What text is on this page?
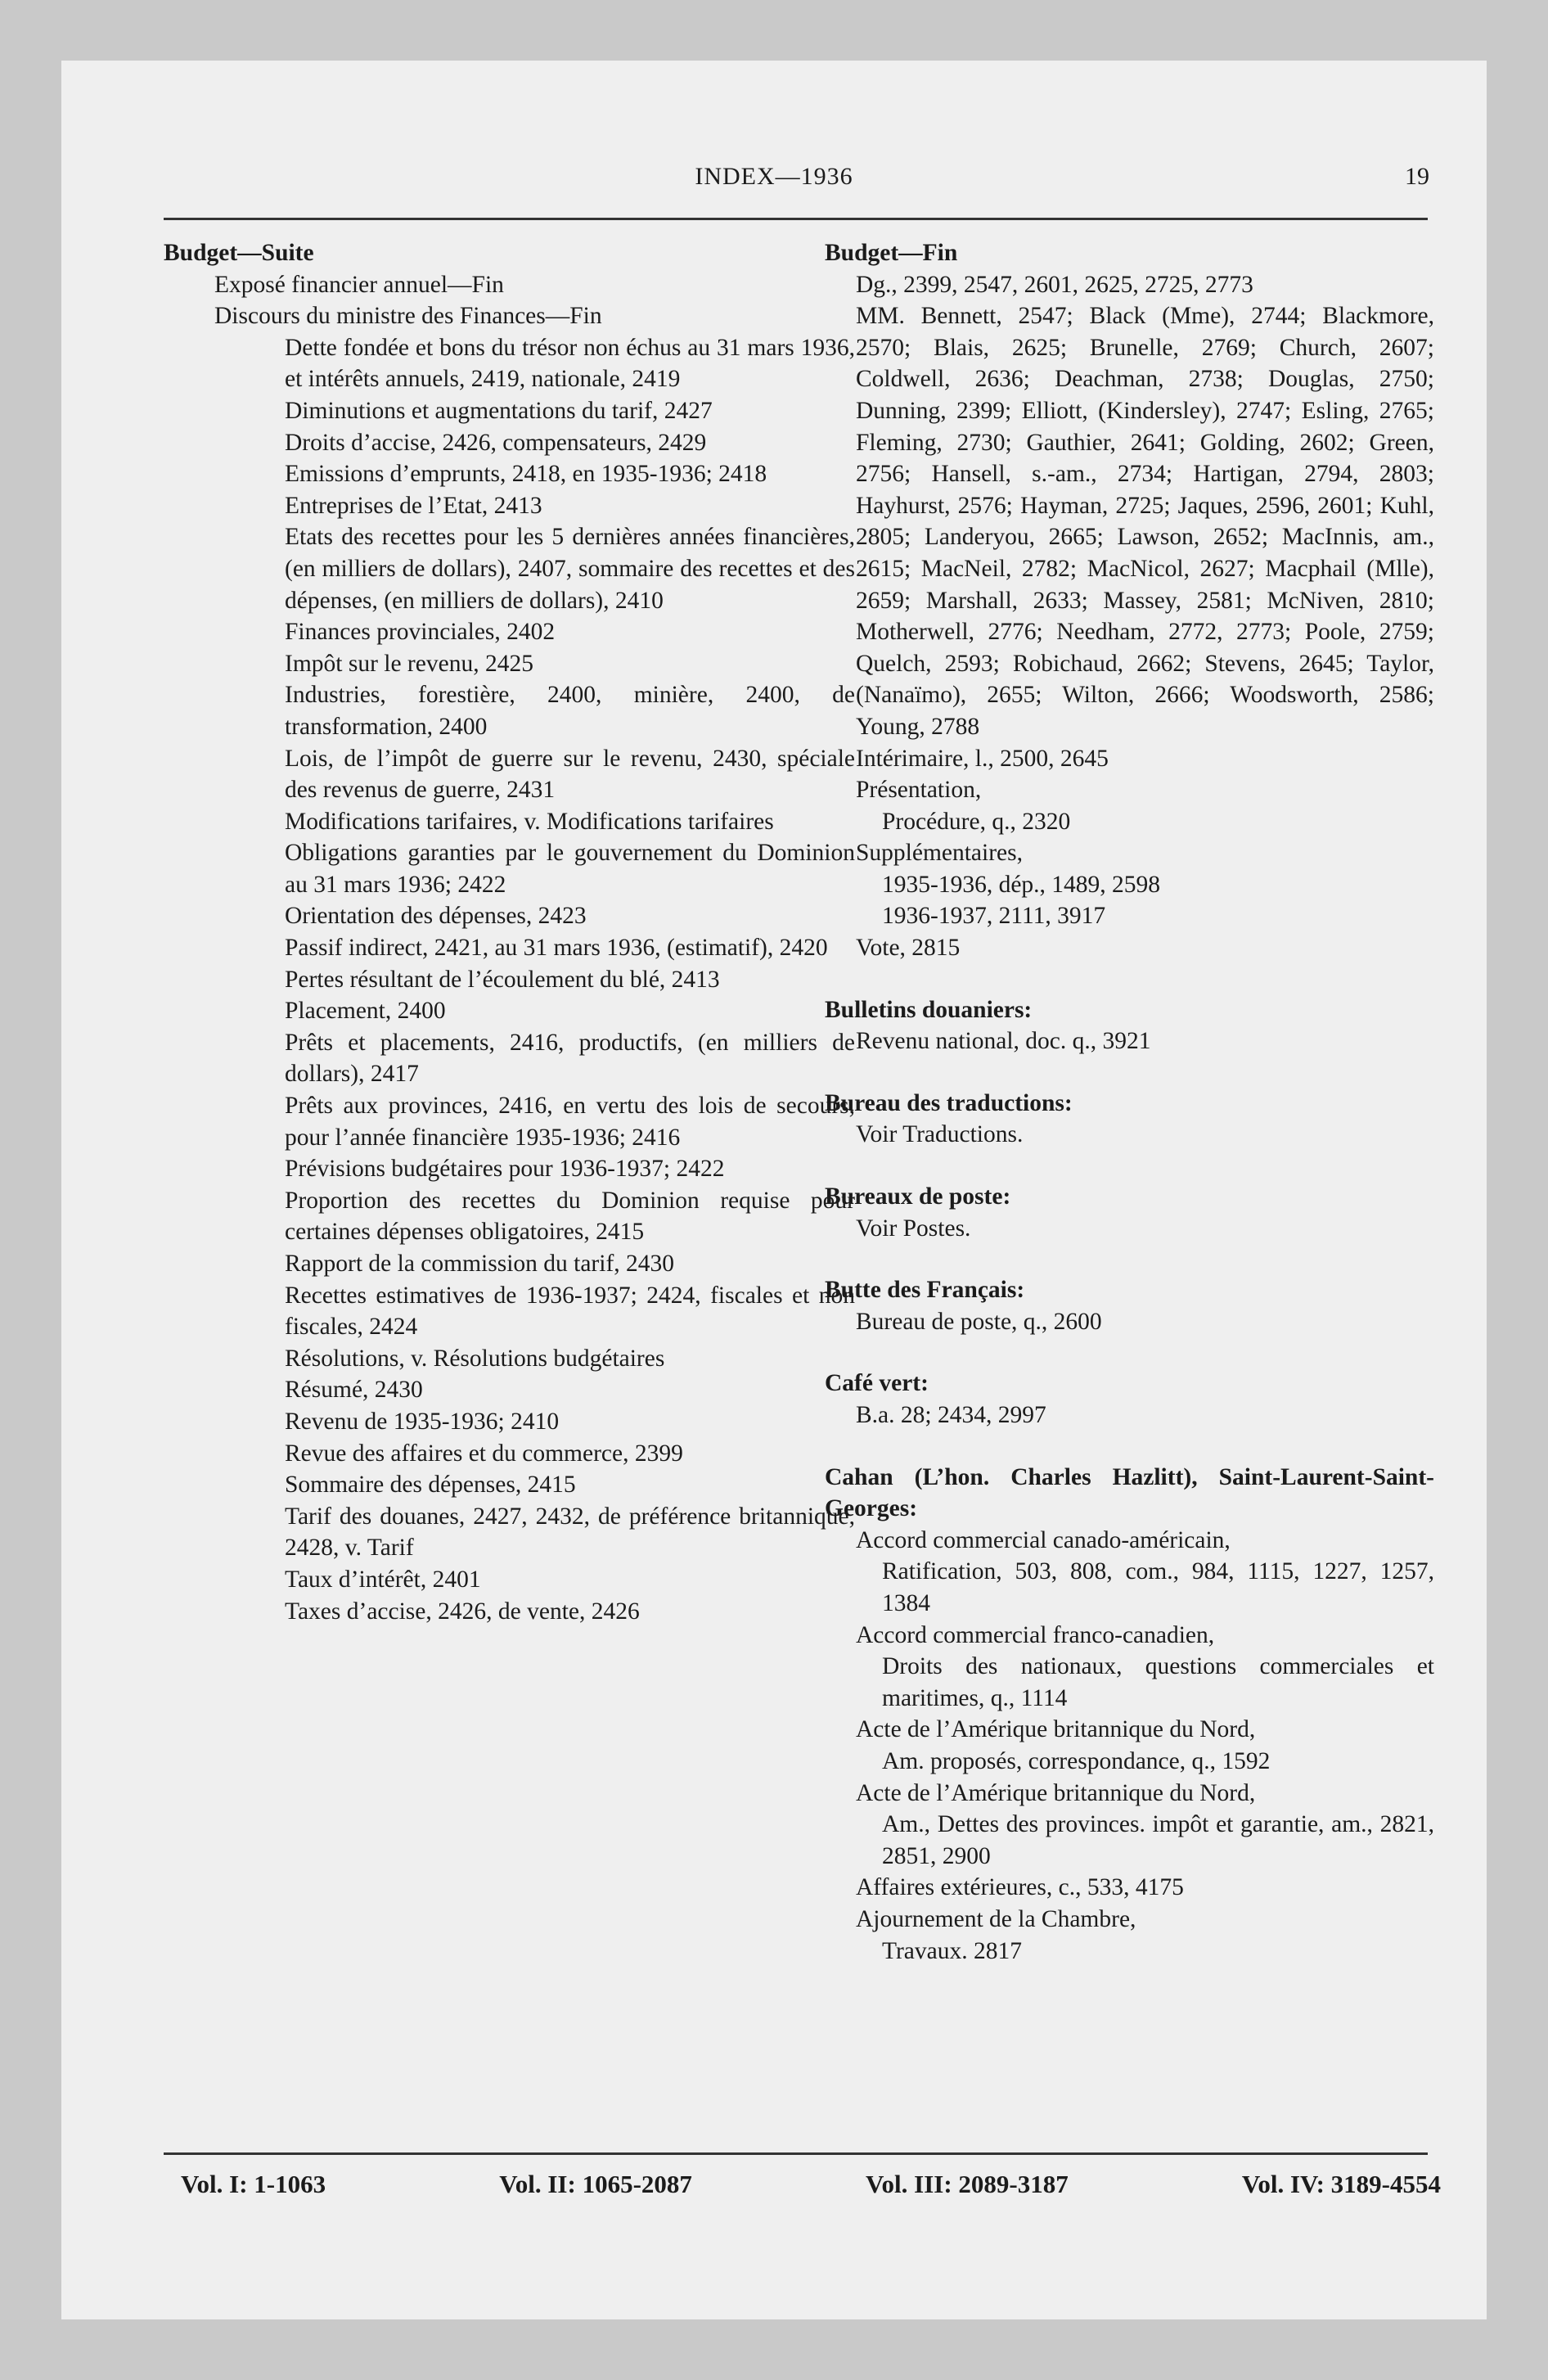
INDEX—1936	19
Budget—Suite
Exposé financier annuel—Fin
Discours du ministre des Finances—Fin
Dette fondée et bons du trésor non échus au 31 mars 1936, et intérêts annuels, 2419, nationale, 2419
Diminutions et augmentations du tarif, 2427
Droits d’accise, 2426, compensateurs, 2429
Emissions d’emprunts, 2418, en 1935-1936; 2418
Entreprises de l’Etat, 2413
Etats des recettes pour les 5 dernières années financières, (en milliers de dollars), 2407, sommaire des recettes et des dépenses, (en milliers de dollars), 2410
Finances provinciales, 2402
Impôt sur le revenu, 2425
Industries, forestière, 2400, minière, 2400, de transformation, 2400
Lois, de l’impôt de guerre sur le revenu, 2430, spéciale des revenus de guerre, 2431
Modifications tarifaires, v. Modifications tarifaires
Obligations garanties par le gouvernement du Dominion au 31 mars 1936; 2422
Orientation des dépenses, 2423
Passif indirect, 2421, au 31 mars 1936, (estimatif), 2420
Pertes résultant de l’écoulement du blé, 2413
Placement, 2400
Prêts et placements, 2416, productifs, (en milliers de dollars), 2417
Prêts aux provinces, 2416, en vertu des lois de secours, pour l’année financière 1935-1936; 2416
Prévisions budgétaires pour 1936-1937; 2422
Proportion des recettes du Dominion requise pour certaines dépenses obligatoires, 2415
Rapport de la commission du tarif, 2430
Recettes estimatives de 1936-1937; 2424, fiscales et non fiscales, 2424
Résolutions, v. Résolutions budgétaires
Résumé, 2430
Revenu de 1935-1936; 2410
Revue des affaires et du commerce, 2399
Sommaire des dépenses, 2415
Tarif des douanes, 2427, 2432, de préférence britannique, 2428, v. Tarif
Taux d’intérêt, 2401
Taxes d’accise, 2426, de vente, 2426
Budget—Fin
Dg., 2399, 2547, 2601, 2625, 2725, 2773
MM. Bennett, 2547; Black (Mme), 2744; Blackmore, 2570; Blais, 2625; Brunelle, 2769; Church, 2607; Coldwell, 2636; Deachman, 2738; Douglas, 2750; Dunning, 2399; Elliott, (Kindersley), 2747; Esling, 2765; Fleming, 2730; Gauthier, 2641; Golding, 2602; Green, 2756; Hansell, s.-am., 2734; Hartigan, 2794, 2803; Hayhurst, 2576; Hayman, 2725; Jaques, 2596, 2601; Kuhl, 2805; Landeryou, 2665; Lawson, 2652; MacInnis, am., 2615; MacNeil, 2782; MacNicol, 2627; Macphail (Mlle), 2659; Marshall, 2633; Massey, 2581; McNiven, 2810; Motherwell, 2776; Needham, 2772, 2773; Poole, 2759; Quelch, 2593; Robichaud, 2662; Stevens, 2645; Taylor, (Nanaïmo), 2655; Wilton, 2666; Woodsworth, 2586; Young, 2788
Intérimaire, l., 2500, 2645
Présentation,
Procédure, q., 2320
Supplémentaires,
1935-1936, dép., 1489, 2598
1936-1937, 2111, 3917
Vote, 2815
Bulletins douaniers:
Revenu national, doc. q., 3921
Bureau des traductions:
Voir Traductions.
Bureaux de poste:
Voir Postes.
Butte des Français:
Bureau de poste, q., 2600
Café vert:
B.a. 28; 2434, 2997
Cahan (L’hon. Charles Hazlitt), Saint-Laurent-Saint-Georges:
Accord commercial canado-américain,
Ratification, 503, 808, com., 984, 1115, 1227, 1257, 1384
Accord commercial franco-canadien,
Droits des nationaux, questions commerciales et maritimes, q., 1114
Acte de l’Amérique britannique du Nord,
Am. proposés, correspondance, q., 1592
Acte de l’Amérique britannique du Nord,
Am., Dettes des provinces. impôt et garantie, am., 2821, 2851, 2900
Affaires extérieures, c., 533, 4175
Ajournement de la Chambre,
Travaux. 2817
Vol. I: 1-1063	Vol. II: 1065-2087	Vol. III: 2089-3187	Vol. IV: 3189-4554
